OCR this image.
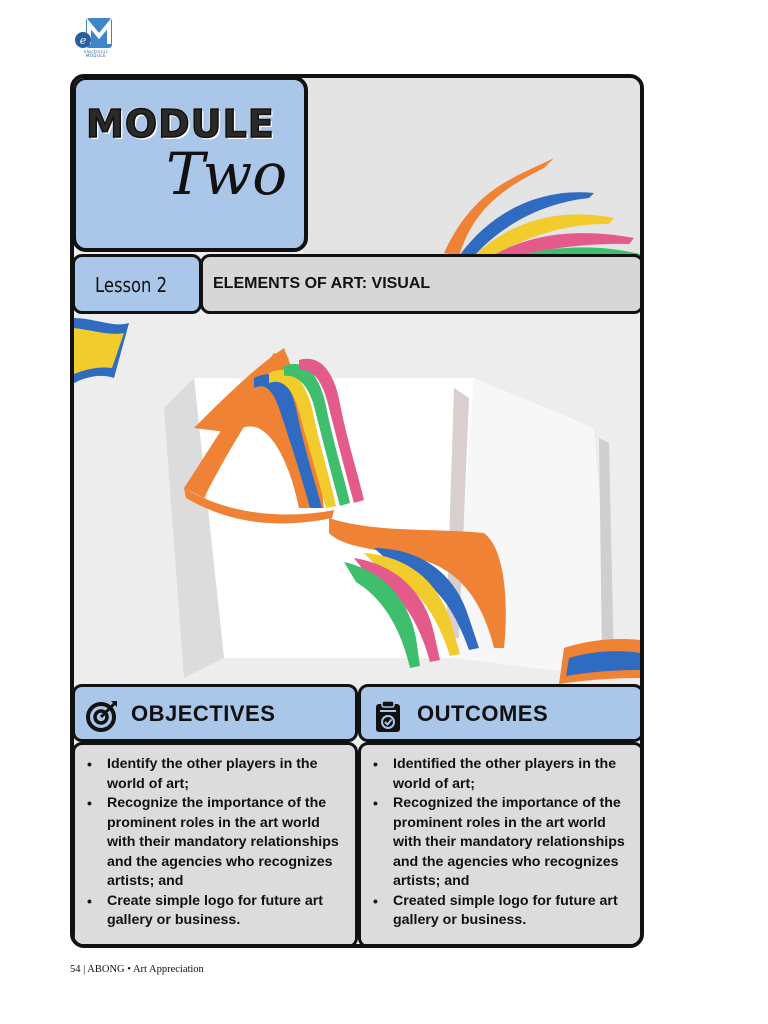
e
electronic MODULE
MODULE
Two
Lesson 2	ELEMENTS OF ART: VISUAL
OBJECTIVES
• Identify the other players in the world of art;
• Recognize the importance of the prominent roles in the art world with their mandatory relationships and the agencies who recognizes artists; and
• Create simple logo for future art gallery or business.
OUTCOMES
• Identified the other players in the world of art;
• Recognized the importance of the prominent roles in the art world with their mandatory relationships and the agencies who recognizes artists; and
• Created simple logo for future art gallery or business.
54 | ABONG • Art Appreciation
